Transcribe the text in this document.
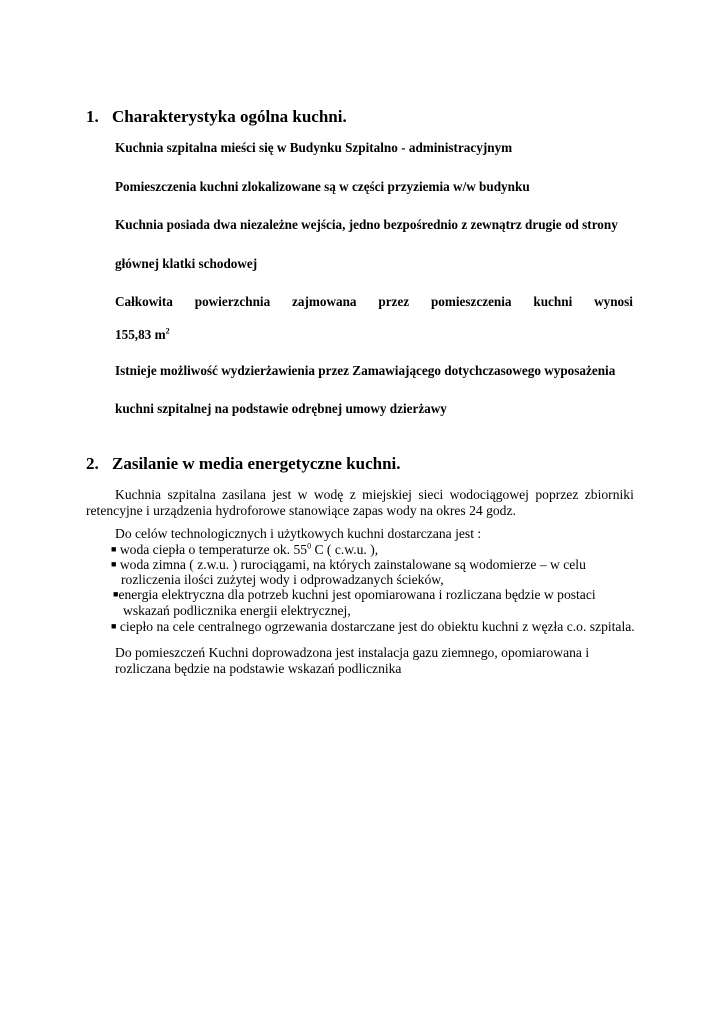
1. Charakterystyka ogólna kuchni.
Kuchnia szpitalna mieści się w Budynku Szpitalno - administracyjnym
Pomieszczenia kuchni zlokalizowane są w części przyziemia w/w budynku
Kuchnia posiada dwa niezależne wejścia, jedno bezpośrednio z zewnątrz drugie od strony
głównej klatki schodowej
Całkowita powierzchnia zajmowana przez pomieszczenia kuchni wynosi
155,83 $m^2$
Istnieje możliwość wydzierżawienia przez Zamawiającego dotychczasowego wyposażenia
kuchni szpitalnej na podstawie odrębnej umowy dzierżawy
2. Zasilanie w media energetyczne kuchni.
Kuchnia szpitalna zasilana jest w wodę z miejskiej sieci wodociągowej poprzez zbiorniki
retencyjne i urządzenia hydroforowe stanowiące zapas wody na okres 24 godz.
Do celów technologicznych i użytkowych kuchni dostarczana jest :
■ woda ciepła o temperaturze ok. $55^0$ C ( c.w.u. ),
■ woda zimna ( z.w.u. ) rurociągami, na których zainstalowane są wodomierze – w celu
rozliczenia ilości zużytej wody i odprowadzanych ścieków,
■energia elektryczna dla potrzeb kuchni jest opomiarowana i rozliczana będzie w postaci
wskazań podlicznika energii elektrycznej,
■ ciepło na cele centralnego ogrzewania dostarczane jest do obiektu kuchni z węzła c.o. szpitala.
Do pomieszczeń Kuchni doprowadzona jest instalacja gazu ziemnego, opomiarowana i
rozliczana będzie na podstawie wskazań podlicznika
